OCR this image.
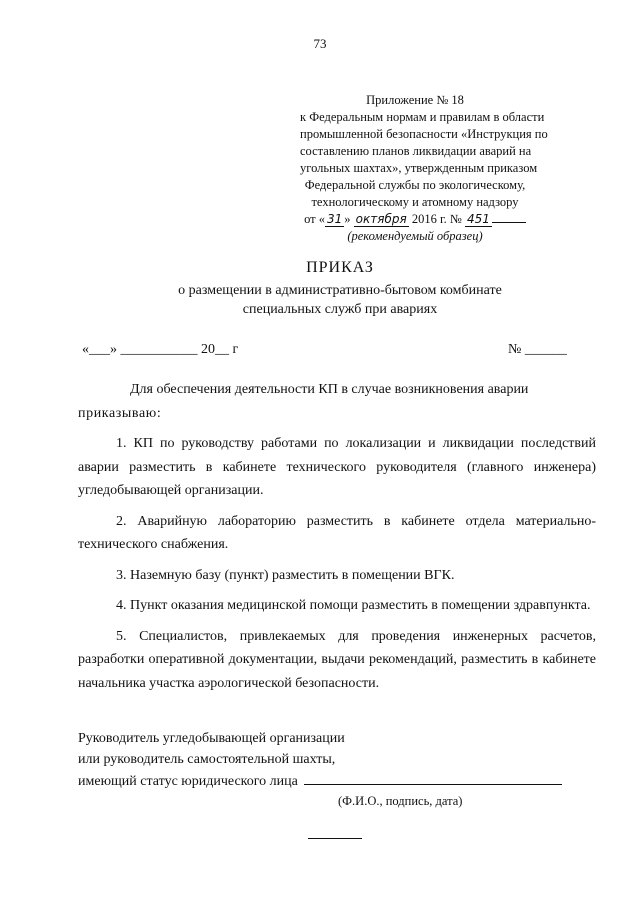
73
Приложение № 18
к Федеральным нормам и правилам в области
промышленной безопасности «Инструкция по
составлению планов ликвидации аварий на
угольных шахтах», утвержденным приказом
Федеральной службы по экологическому,
технологическому и атомному надзору
от « 31 » октября 2016 г. № 451
(рекомендуемый образец)
ПРИКАЗ
о размещении в административно-бытовом комбинате
специальных служб при авариях
«___» ___________ 20__ г	№ ______

Для обеспечения деятельности КП в случае возникновения аварии

приказываю:

1. КП по руководству работами по локализации и ликвидации последствий аварии разместить в кабинете технического руководителя (главного инженера) угледобывающей организации.

2. Аварийную лабораторию разместить в кабинете отдела материально-технического снабжения.

3. Наземную базу (пункт) разместить в помещении ВГК.

4. Пункт оказания медицинской помощи разместить в помещении здравпункта.

5. Специалистов, привлекаемых для проведения инженерных расчетов, разработки оперативной документации, выдачи рекомендаций, разместить в кабинете начальника участка аэрологической безопасности.

Руководитель угледобывающей организации
или руководитель самостоятельной шахты,
имеющий статус юридического лица
(Ф.И.О., подпись, дата)
